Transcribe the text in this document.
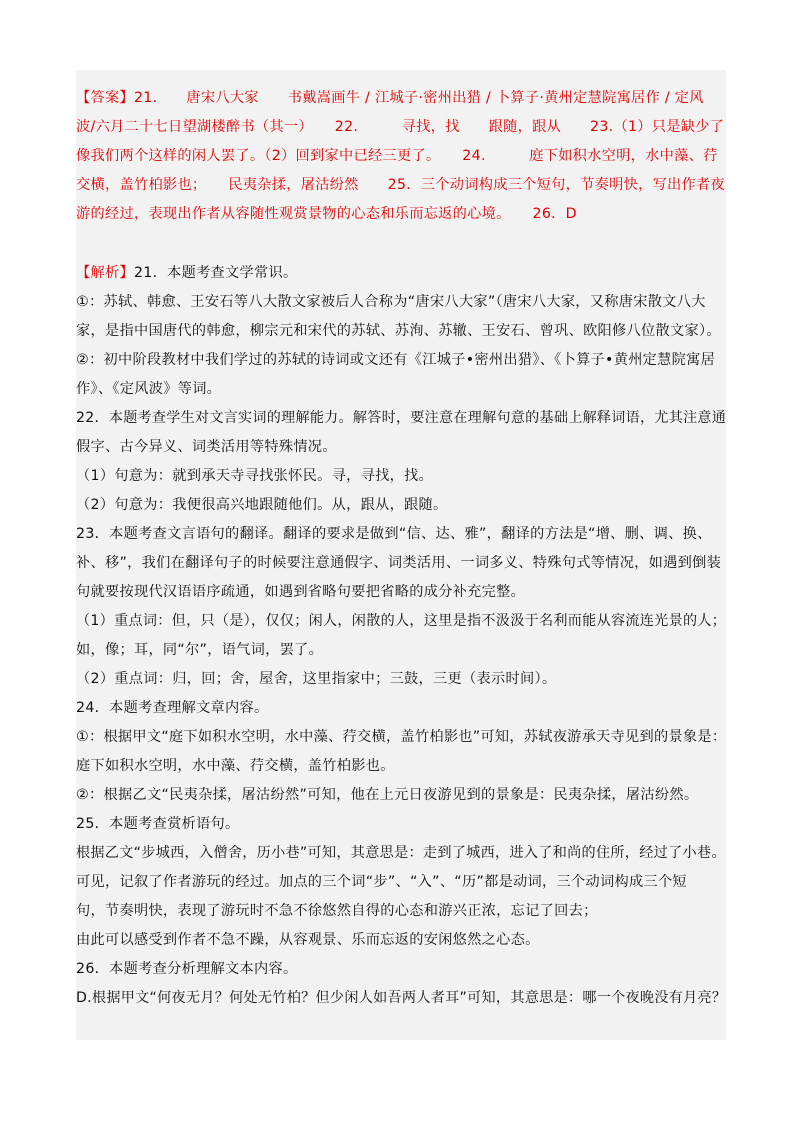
【答案】21.　　唐宋八大家　　书戴嵩画牛 / 江城子·密州出猎 / 卜算子·黄州定慧院寓居作 / 定风
波/六月二十七日望湖楼醉书（其一）　　22.　　　寻找，找　　跟随，跟从　　23.（1）只是缺少了
像我们两个这样的闲人罢了。（2）回到家中已经三更了。　　24.　　　庭下如积水空明，水中藻、荇
交横，盖竹柏影也；　　民夷杂揉，屠沽纷然　　25．三个动词构成三个短句，节奏明快，写出作者夜
游的经过，表现出作者从容随性观赏景物的心态和乐而忘返的心境。　　26．D
【解析】21．本题考查文学常识。
①：苏轼、韩愈、王安石等八大散文家被后人合称为“唐宋八大家”（唐宋八大家，又称唐宋散文八大
家，是指中国唐代的韩愈，柳宗元和宋代的苏轼、苏洵、苏辙、王安石、曾巩、欧阳修八位散文家）。
②：初中阶段教材中我们学过的苏轼的诗词或文还有《江城子•密州出猎》、《卜算子•黄州定慧院寓居
作》、《定风波》等词。
22．本题考查学生对文言实词的理解能力。解答时，要注意在理解句意的基础上解释词语，尤其注意通
假字、古今异义、词类活用等特殊情况。
（1）句意为：就到承天寺寻找张怀民。寻，寻找，找。
（2）句意为：我便很高兴地跟随他们。从，跟从，跟随。
23．本题考查文言语句的翻译。翻译的要求是做到“信、达、雅”，翻译的方法是“增、删、调、换、
补、移”，我们在翻译句子的时候要注意通假字、词类活用、一词多义、特殊句式等情况，如遇到倒装
句就要按现代汉语语序疏通，如遇到省略句要把省略的成分补充完整。
（1）重点词：但，只（是），仅仅；闲人，闲散的人，这里是指不汲汲于名利而能从容流连光景的人；
如，像；耳，同“尔”，语气词，罢了。
（2）重点词：归，回；舍，屋舍，这里指家中；三鼓，三更（表示时间）。
24．本题考查理解文章内容。
①：根据甲文“庭下如积水空明，水中藻、荇交横，盖竹柏影也”可知，苏轼夜游承天寺见到的景象是：
庭下如积水空明，水中藻、荇交横，盖竹柏影也。
②：根据乙文“民夷杂揉，屠沽纷然”可知，他在上元日夜游见到的景象是：民夷杂揉，屠沽纷然。
25．本题考查赏析语句。
根据乙文“步城西，入僧舍，历小巷”可知，其意思是：走到了城西，进入了和尚的住所，经过了小巷。
可见，记叙了作者游玩的经过。加点的三个词“步”、“入”、“历”都是动词，三个动词构成三个短
句，节奏明快，表现了游玩时不急不徐悠然自得的心态和游兴正浓，忘记了回去；
由此可以感受到作者不急不躁，从容观景、乐而忘返的安闲悠然之心态。
26．本题考查分析理解文本内容。
D.根据甲文“何夜无月？何处无竹柏？但少闲人如吾两人者耳”可知，其意思是：哪一个夜晚没有月亮？
